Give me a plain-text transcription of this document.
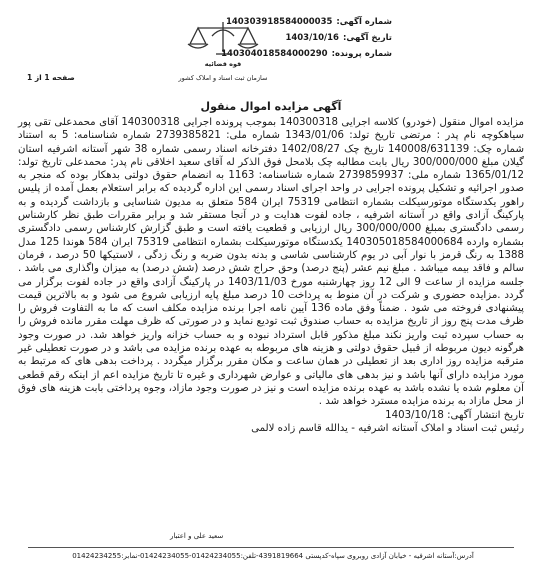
قوه قضائیه
سازمان ثبت اسناد و املاک کشور
شماره آگهی:
140303918584000035
تاریخ آگهی:
1403/10/16
شماره پرونده:
140304018584000290
صفحه 1 از 1
آگهی مزایده اموال منقول

مزایده اموال منقول (خودرو) کلاسه اجرایی 140300318 بموجب پرونده اجرایی 140300318 آقای محمدعلی تقی پور سیاهکوچه نام پدر : مرتضی تاریخ تولد: 1343/01/06 شماره ملی: 2739385821 شماره شناسنامه: 5 به استناد شماره چک: 140008/631139 تاریخ چک 1402/08/27 دفترخانه اسناد رسمی شماره 38 شهر آستانه اشرفیه استان گیلان مبلغ 300/000/000 ریال بابت مطالبه چک بلامحل فوق الذکر له آقای سعید اخلاقی نام پدر: محمدعلی تاریخ تولد: 1365/01/12 شماره ملی: 2739859937 شماره شناسنامه: 1163 به انضمام حقوق دولتی بدهکار بوده که منجر به صدور اجرائیه و تشکیل پرونده اجرایی در واحد اجرای اسناد رسمی این اداره گردیده که برابر استعلام بعمل آمده از پلیس راهور یکدستگاه موتورسیکلت بشماره انتظامی 75319 ایران 584 متعلق به مدیون شناسایی و بازداشت گردیده و به پارکینگ آزادی واقع در آستانه اشرفیه ، جاده لفوت هدایت و در آنجا مستقر شد و برابر مقررات طبق نظر کارشناس رسمی دادگستری بمبلغ 300/000/000 ریال ارزیابی و قطعیت یافته است و طبق گزارش کارشناس رسمی دادگستری بشماره وارده 140305018584000684 یکدستگاه موتورسیکلت بشماره انتظامی 75319 ایران 584 هوندا 125 مدل 1388 به رنگ قرمز با نوار آبی در یوم کارشناسی شاسی و بدنه بدون ضربه و رنگ زدگی ، لاستیکها 50 درصد ، فرمان سالم و فاقد بیمه میباشد . مبلغ نیم عشر (پنج درصد) وحق حراج شش درصد (شش درصد) به میزان واگذاری می باشد . جلسه مزایده از ساعت 9 الی 12 روز چهارشنبه مورخ 1403/11/03 در پارکینگ آزادی واقع در جاده لفوت برگزار می گردد .مزایده حضوری و شرکت در آن منوط به پرداخت 10 درصد مبلغ پایه ارزیابی شروع می شود و به بالاترین قیمت پیشنهادی فروخته می شود . ضمناً وفق ماده 136 آیین نامه اجرا برنده مزایده مکلف است که ما به التفاوت فروش را ظرف مدت پنج روز از تاریخ مزایده به حساب صندوق ثبت تودیع نماید و در صورتی که ظرف مهلت مقرر مانده فروش را به حساب سپرده ثبت واریز نکند مبلغ مذکور قابل استرداد نبوده و به حساب خزانه واریز خواهد شد. در صورت وجود هرگونه دیون مربوطه از قبیل حقوق دولتی و هزینه های مربوطه به عهده برنده مزایده می باشد و در صورت تعطیلی غیر مترقبه مزایده روز اداری بعد از تعطیلی در همان ساعت و مکان مقرر برگزار میگردد . پرداخت بدهی های که مرتبط به مورد مزایده دارای آنها باشد و نیز بدهی های مالیاتی و عوارض شهرداری و غیره تا تاریخ مزایده اعم از اینکه رقم قطعی آن معلوم شده یا نشده باشد به عهده برنده مزایده است و نیز در صورت وجود مازاد، وجوه پرداختی بابت هزینه های فوق از محل مازاد به برنده مزایده مسترد خواهد شد .

تاریخ انتشار آگهی: 1403/10/18

رئیس ثبت اسناد و املاک آستانه اشرفیه - یدالله قاسم زاده لالمی

سعید علی و اعتبار
آدرس:آستانه اشرفیه - خیابان آزادی روبروی سپاه-کدپستی 4391819664-تلفن:01424234055-01424234055-نمابر:01424234255
